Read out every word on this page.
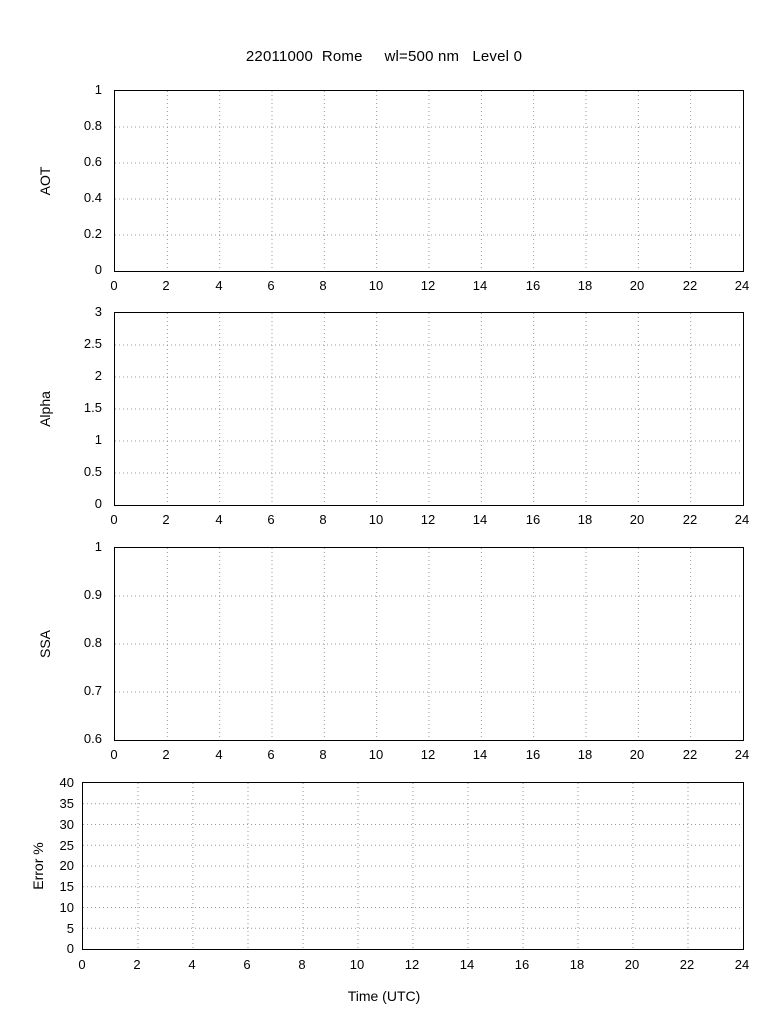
22011000  Rome     wl=500 nm   Level 0
AOT
1
0.8
0.6
0.4
0.2
0
0	2	4	6	8	10	12	14	16	18	20	22	24
Alpha
3
2.5
2
1.5
1
0.5
0
0	2	4	6	8	10	12	14	16	18	20	22	24
SSA
1
0.9
0.8
0.7
0.6
0	2	4	6	8	10	12	14	16	18	20	22	24
Error %
40
35
30
25
20
15
10
5
0
0	2	4	6	8	10	12	14	16	18	20	22	24
Time (UTC)
